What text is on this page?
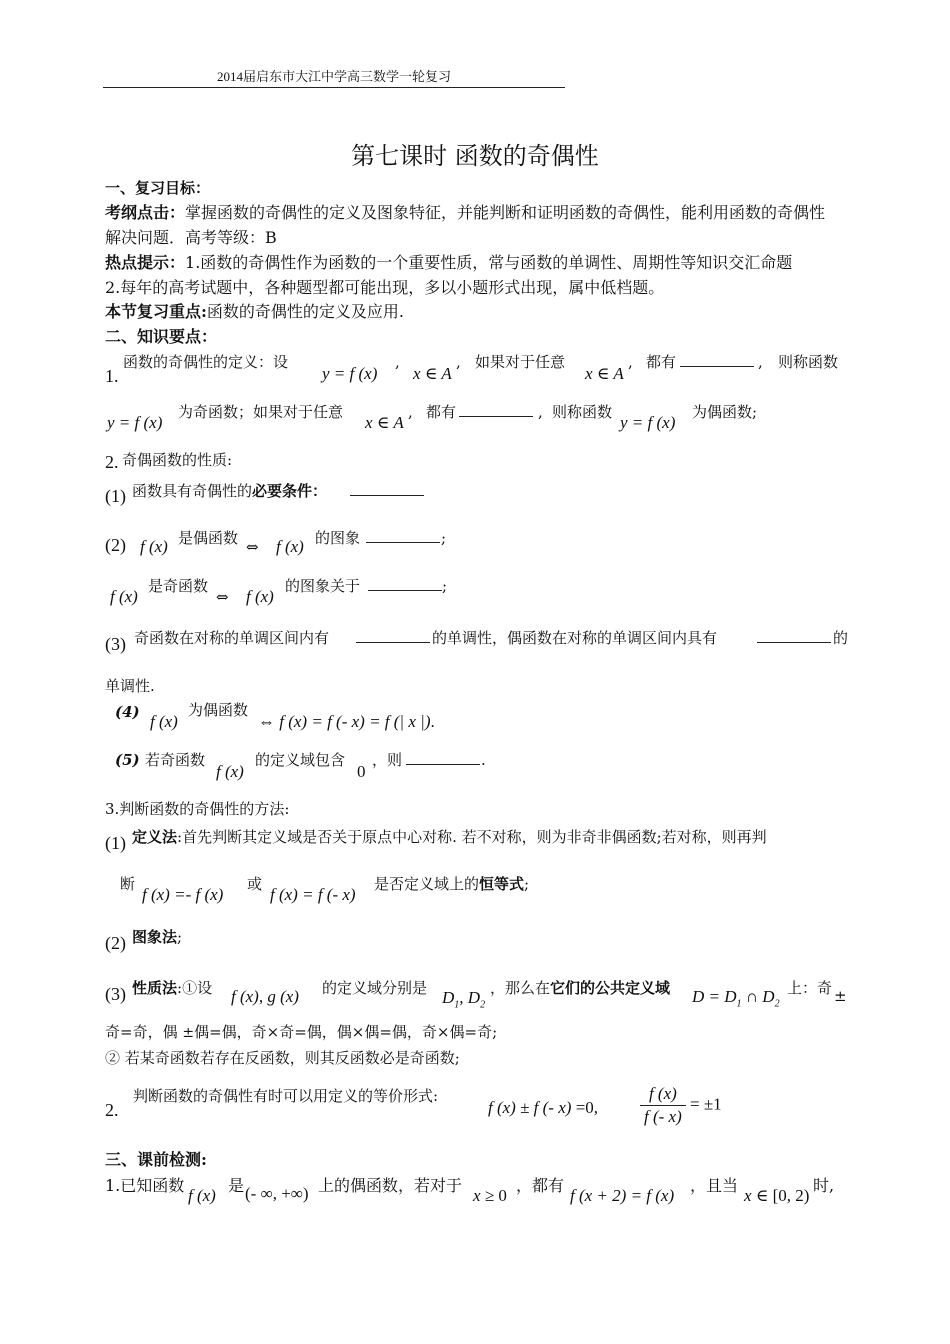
2014届启东市大江中学高三数学一轮复习
第七课时 函数的奇偶性
一、复习目标：
考纲点击：掌握函数的奇偶性的定义及图象特征，并能判断和证明函数的奇偶性，能利用函数的奇偶性
解决问题．高考等级：B
热点提示：1.函数的奇偶性作为函数的一个重要性质，常与函数的单调性、周期性等知识交汇命题
2.每年的高考试题中，各种题型都可能出现，多以小题形式出现，属中低档题。
本节复习重点:函数的奇偶性的定义及应用.
二、知识要点：
1.
函数的奇偶性的定义：设
y = f (x)
,
x ∈ A
, 如果对于任意
x ∈ A
, 都有	, 则称函数
y = f (x)
为奇函数；如果对于任意
x ∈ A
, 都有	, 则称函数
y = f (x)
为偶函数;
2. 奇偶函数的性质:
(1) 函数具有奇偶性的必要条件：
(2) f (x) 是偶函数 ⇔ f (x) 的图象	;
f (x)
是奇函数
⇔ f (x)
的图象关于	;
(3) 奇函数在对称的单调区间内有	的单调性，偶函数在对称的单调区间内具有	的
单调性.
(4) f (x)
为偶函数
⇔ f (x) = f (- x) = f (| x |).
(5) 若奇函数
f (x)
的定义域包含
0
，则	.
3.判断函数的奇偶性的方法:
(1) 定义法:首先判断其定义域是否关于原点中心对称. 若不对称，则为非奇非偶函数;若对称，则再判
断
f (x) =- f (x)
或
f (x) = f (- x)
是否定义域上的恒等式;
(2) 图象法;
(3) 性质法:①设 f (x), g (x) 的定义域分别是 $D_1$, $D_2$
，那么在它们的公共定义域 $D = D_1$ ∩ $D_2$
上：奇 ±
奇=奇，偶 ±偶=偶，奇×奇=偶，偶×偶=偶，奇×偶=奇;
② 若某奇函数若存在反函数，则其反函数必是奇函数;
2.
判断函数的奇偶性有时可以用定义的等价形式:
f (x) ± f (- x) =0, $\frac{f (x)}{f (- x)} = \pm 1$
三、课前检测:
1.已知函数
f (x)
是 (- ∞, +∞) 上的偶函数，若对于
x ≥ 0
，都有
f (x + 2) = f (x)
，且当
x ∈ [0, 2)
时,
